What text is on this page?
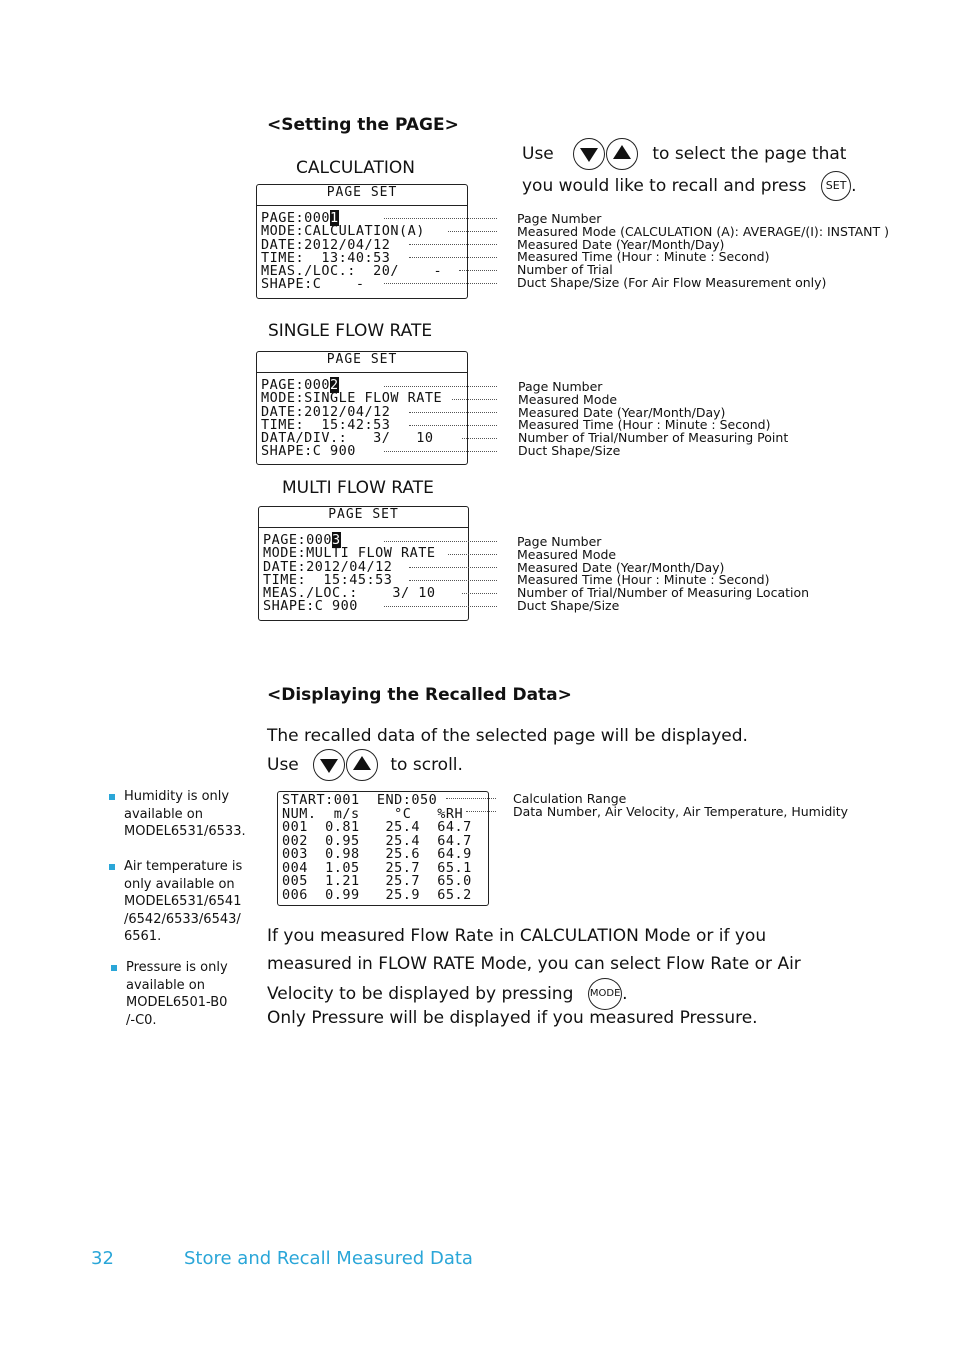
<Setting the PAGE>
Use	to select the page that
you would like to recall and press SET .
CALCULATION
PAGE SET
PAGE:0001
MODE:CALCULATION(A)
DATE:2012/04/12
TIME:  13:40:53
MEAS./LOC.:  20/    -
SHAPE:C    -
Page Number
Measured Mode (CALCULATION (A): AVERAGE/(I): INSTANT )
Measured Date (Year/Month/Day)
Measured Time (Hour : Minute : Second)
Number of Trial
Duct Shape/Size (For Air Flow Measurement only)
SINGLE FLOW RATE
PAGE SET
PAGE:0002
MODE:SINGLE FLOW RATE
DATE:2012/04/12
TIME:  15:42:53
DATA/DIV.:   3/   10
SHAPE:C 900
Page Number
Measured Mode
Measured Date (Year/Month/Day)
Measured Time (Hour : Minute : Second)
Number of Trial/Number of Measuring Point
Duct Shape/Size
MULTI FLOW RATE
PAGE SET
PAGE:0003
MODE:MULTI FLOW RATE
DATE:2012/04/12
TIME:  15:45:53
MEAS./LOC.:    3/ 10
SHAPE:C 900
Page Number
Measured Mode
Measured Date (Year/Month/Day)
Measured Time (Hour : Minute : Second)
Number of Trial/Number of Measuring Location
Duct Shape/Size
<Displaying the Recalled Data>
The recalled data of the selected page will be displayed.
Use	to scroll.
START:001  END:050
NUM.  m/s    °C   %RH
001  0.81   25.4  64.7
002  0.95   25.4  64.7
003  0.98   25.6  64.9
004  1.05   25.7  65.1
005  1.21   25.7  65.0
006  0.99   25.9  65.2
Calculation Range
Data Number, Air Velocity, Air Temperature, Humidity
If you measured Flow Rate in CALCULATION Mode or if you
measured in FLOW RATE Mode, you can select Flow Rate or Air
Velocity to be displayed by pressing MODE .
Only Pressure will be displayed if you measured Pressure.
Humidity is only
available on
MODEL6531/6533.
Air temperature is
only available on
MODEL6531/6541
/6542/6533/6543/
6561.
Pressure is only
available on
MODEL6501-B0
/-C0.
32	Store and Recall Measured Data
